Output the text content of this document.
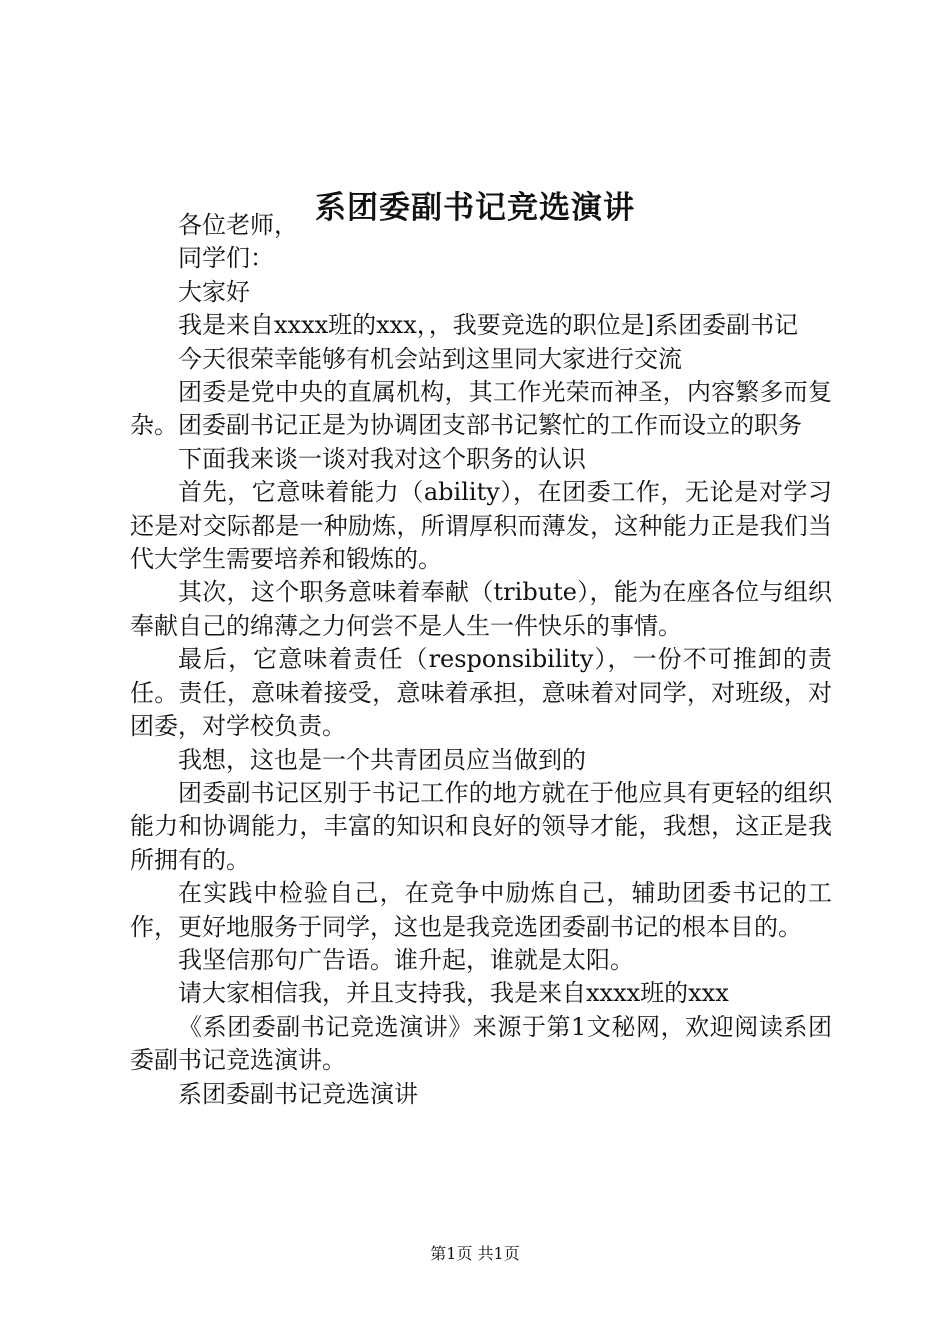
系团委副书记竞选演讲

各位老师，

同学们：

大家好

我是来自xxxx班的xxx，，我要竞选的职位是]系团委副书记

今天很荣幸能够有机会站到这里同大家进行交流

团委是党中央的直属机构，其工作光荣而神圣，内容繁多而复杂。团委副书记正是为协调团支部书记繁忙的工作而设立的职务

下面我来谈一谈对我对这个职务的认识

首先，它意味着能力（ability），在团委工作，无论是对学习还是对交际都是一种励炼，所谓厚积而薄发，这种能力正是我们当代大学生需要培养和锻炼的。

其次，这个职务意味着奉献（tribute），能为在座各位与组织奉献自己的绵薄之力何尝不是人生一件快乐的事情。

最后，它意味着责任（responsibility），一份不可推卸的责任。责任，意味着接受，意味着承担，意味着对同学，对班级，对团委，对学校负责。

我想，这也是一个共青团员应当做到的

团委副书记区别于书记工作的地方就在于他应具有更轻的组织能力和协调能力，丰富的知识和良好的领导才能，我想，这正是我所拥有的。

在实践中检验自己，在竞争中励炼自己，辅助团委书记的工作，更好地服务于同学，这也是我竞选团委副书记的根本目的。

我坚信那句广告语。谁升起，谁就是太阳。

请大家相信我，并且支持我，我是来自xxxx班的xxx

《系团委副书记竞选演讲》来源于第1文秘网，欢迎阅读系团委副书记竞选演讲。

系团委副书记竞选演讲

第1页 共1页
